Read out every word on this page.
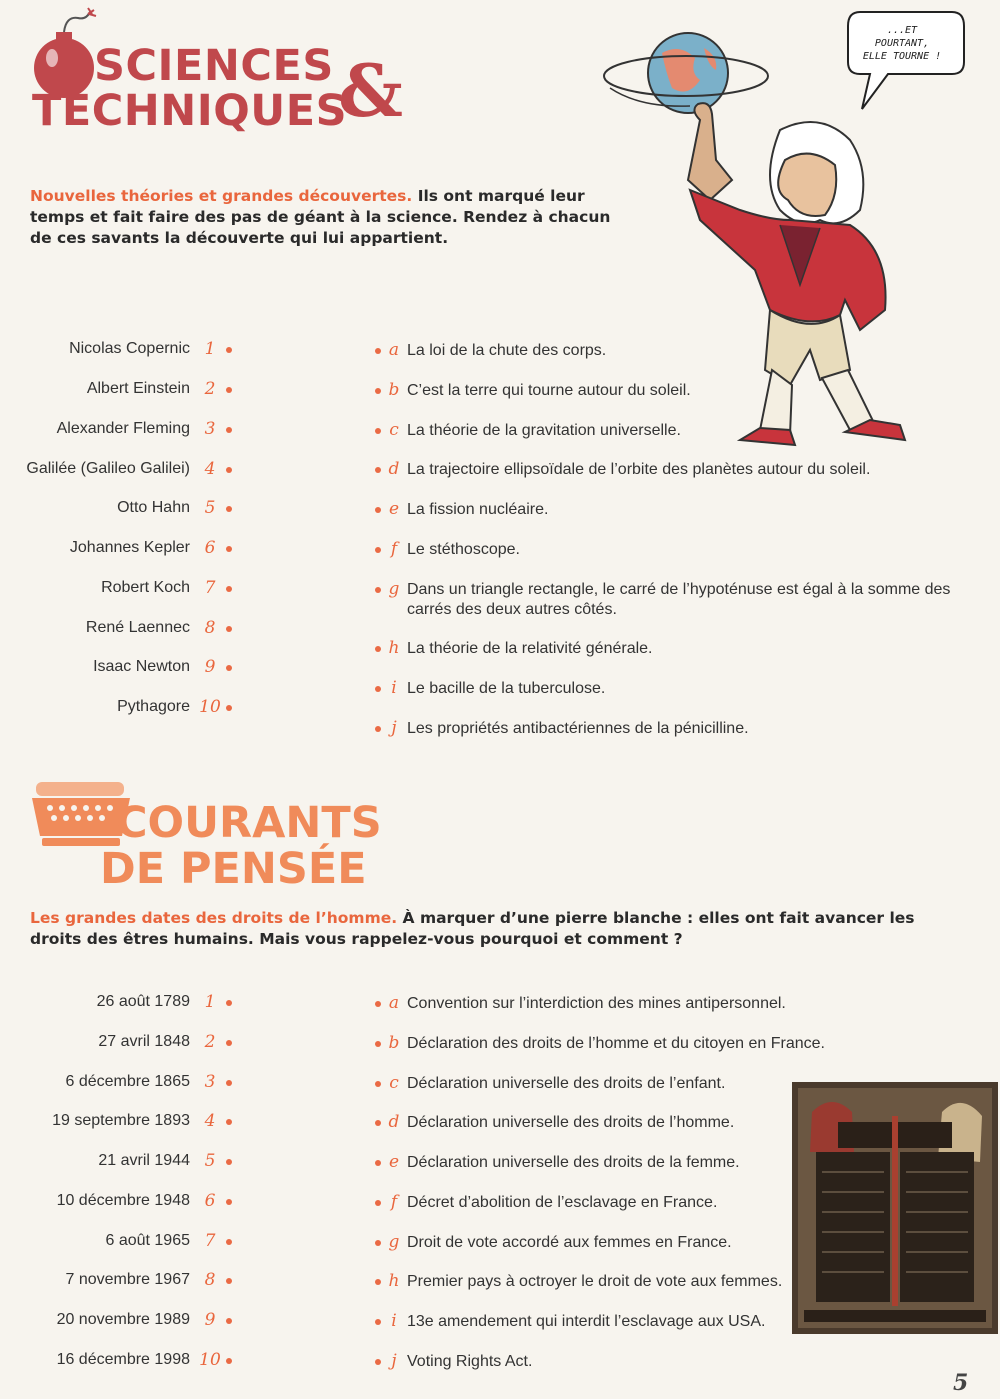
SCIENCES
TECHNIQUES
&
...ET POURTANT, ELLE TOURNE !
Nouvelles théories et grandes découvertes. Ils ont marqué leur temps et fait faire des pas de géant à la science. Rendez à chacun de ces savants la découverte qui lui appartient.
Nicolas Copernic 1
Albert Einstein 2
Alexander Fleming 3
Galilée (Galileo Galilei) 4
Otto Hahn 5
Johannes Kepler 6
Robert Koch 7
René Laennec 8
Isaac Newton 9
Pythagore 10
a La loi de la chute des corps.
b C’est la terre qui tourne autour du soleil.
c La théorie de la gravitation universelle.
d La trajectoire ellipsoïdale de l’orbite des planètes autour du soleil.
e La fission nucléaire.
f Le stéthoscope.
g Dans un triangle rectangle, le carré de l’hypoténuse est égal à la somme des carrés des deux autres côtés.
h La théorie de la relativité générale.
i Le bacille de la tuberculose.
j Les propriétés antibactériennes de la pénicilline.
COURANTS
DE PENSÉE
Les grandes dates des droits de l’homme. À marquer d’une pierre blanche : elles ont fait avancer les droits des êtres humains. Mais vous rappelez-vous pourquoi et comment ?
26 août 1789 1
27 avril 1848 2
6 décembre 1865 3
19 septembre 1893 4
21 avril 1944 5
10 décembre 1948 6
6 août 1965 7
7 novembre 1967 8
20 novembre 1989 9
16 décembre 1998 10
a Convention sur l’interdiction des mines antipersonnel.
b Déclaration des droits de l’homme et du citoyen en France.
c Déclaration universelle des droits de l’enfant.
d Déclaration universelle des droits de l’homme.
e Déclaration universelle des droits de la femme.
f Décret d’abolition de l’esclavage en France.
g Droit de vote accordé aux femmes en France.
h Premier pays à octroyer le droit de vote aux femmes.
i 13e amendement qui interdit l’esclavage aux USA.
j Voting Rights Act.
5
